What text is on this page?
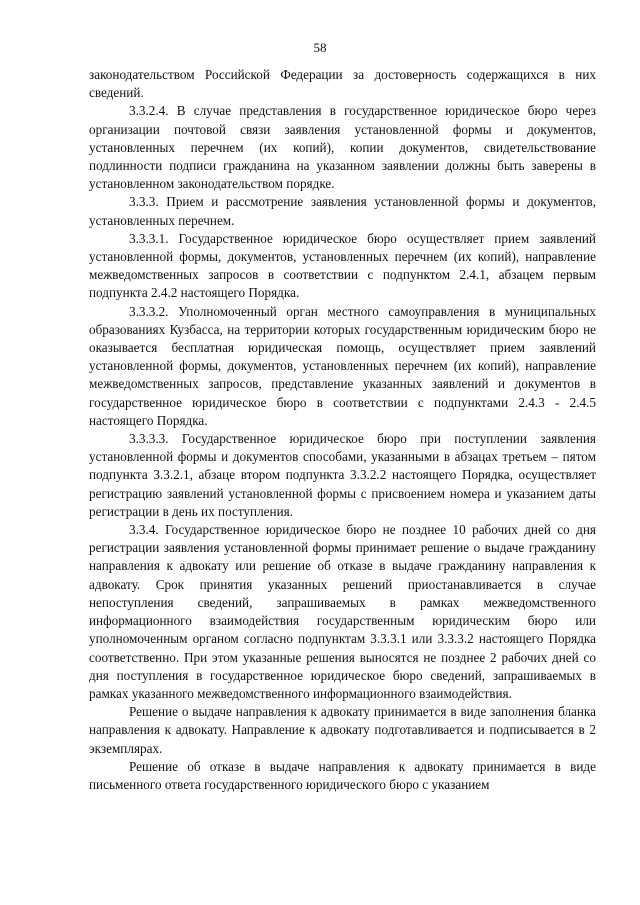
58

законодательством Российской Федерации за достоверность содержащихся в них сведений.

3.3.2.4. В случае представления в государственное юридическое бюро через организации почтовой связи заявления установленной формы и документов, установленных перечнем (их копий), копии документов, свидетельствование подлинности подписи гражданина на указанном заявлении должны быть заверены в установленном законодательством порядке.

3.3.3. Прием и рассмотрение заявления установленной формы и документов, установленных перечнем.

3.3.3.1. Государственное юридическое бюро осуществляет прием заявлений установленной формы, документов, установленных перечнем (их копий), направление межведомственных запросов в соответствии с подпунктом 2.4.1, абзацем первым подпункта 2.4.2 настоящего Порядка.

3.3.3.2. Уполномоченный орган местного самоуправления в муниципальных образованиях Кузбасса, на территории которых государственным юридическим бюро не оказывается бесплатная юридическая помощь, осуществляет прием заявлений установленной формы, документов, установленных перечнем (их копий), направление межведомственных запросов, представление указанных заявлений и документов в государственное юридическое бюро в соответствии с подпунктами 2.4.3 - 2.4.5 настоящего Порядка.

3.3.3.3. Государственное юридическое бюро при поступлении заявления установленной формы и документов способами, указанными в абзацах третьем – пятом подпункта 3.3.2.1, абзаце втором подпункта 3.3.2.2 настоящего Порядка, осуществляет регистрацию заявлений установленной формы с присвоением номера и указанием даты регистрации в день их поступления.

3.3.4. Государственное юридическое бюро не позднее 10 рабочих дней со дня регистрации заявления установленной формы принимает решение о выдаче гражданину направления к адвокату или решение об отказе в выдаче гражданину направления к адвокату. Срок принятия указанных решений приостанавливается в случае непоступления сведений, запрашиваемых в рамках межведомственного информационного взаимодействия государственным юридическим бюро или уполномоченным органом согласно подпунктам 3.3.3.1 или 3.3.3.2 настоящего Порядка соответственно. При этом указанные решения выносятся не позднее 2 рабочих дней со дня поступления в государственное юридическое бюро сведений, запрашиваемых в рамках указанного межведомственного информационного взаимодействия.

Решение о выдаче направления к адвокату принимается в виде заполнения бланка направления к адвокату. Направление к адвокату подготавливается и подписывается в 2 экземплярах.

Решение об отказе в выдаче направления к адвокату принимается в виде письменного ответа государственного юридического бюро с указанием
